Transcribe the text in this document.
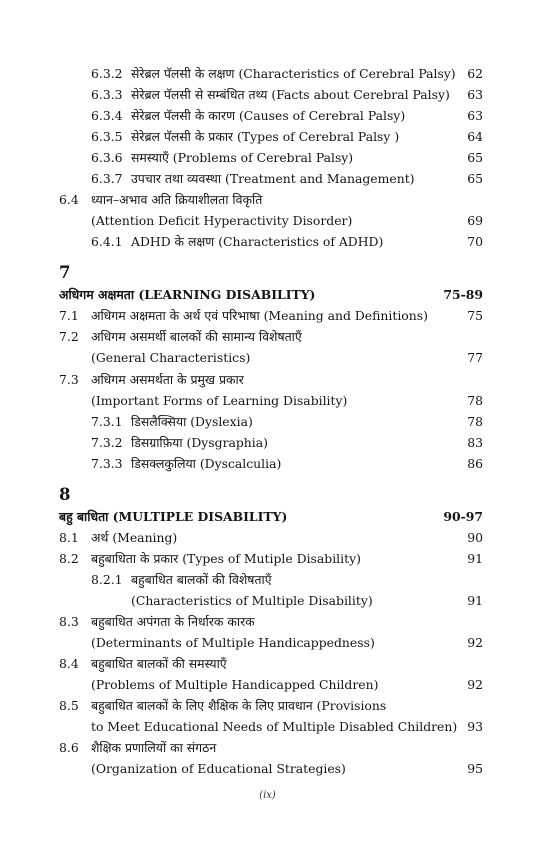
6.3.2 सेरेब्रल पॅलसी के लक्षण (Characteristics of Cerebral Palsy) 62
6.3.3 सेरेब्रल पॅलसी से सम्बंधित तथ्य (Facts about Cerebral Palsy) 63
6.3.4 सेरेब्रल पॅलसी के कारण (Causes of Cerebral Palsy)	63
6.3.5 सेरेब्रल पॅलसी के प्रकार (Types of Cerebral Palsy )	64
6.3.6 समस्याएँ (Problems of Cerebral Palsy)	65
6.3.7 उपचार तथा व्यवस्था (Treatment and Management)	65
6.4 ध्यान–अभाव अति क्रियाशीलता विकृति
(Attention Deficit Hyperactivity Disorder)	69
6.4.1 ADHD के लक्षण (Characteristics of ADHD)	70
7
अधिगम अक्षमता (LEARNING DISABILITY)	75-89
7.1 अधिगम अक्षमता के अर्थ एवं परिभाषा (Meaning and Definitions)	75
7.2 अधिगम असमर्थी बालकों की सामान्य विशेषताएँ
(General Characteristics)	77
7.3 अधिगम असमर्थता के प्रमुख प्रकार
(Important Forms of Learning Disability)	78
7.3.1 डिसलैक्सिया (Dyslexia)	78
7.3.2 डिसग्राफ़िया (Dysgraphia)	83
7.3.3 डिसक्लकुलिया (Dyscalculia)	86
8
बहु बाधिता (MULTIPLE DISABILITY)	90-97
8.1 अर्थ (Meaning)	90
8.2 बहुबाधिता के प्रकार (Types of Mutiple Disability)	91
8.2.1 बहुबाधित बालकों की विशेषताएँ
(Characteristics of Multiple Disability)	91
8.3 बहुबाधित अपंगता के निर्धारक कारक
(Determinants of Multiple Handicappedness)	92
8.4 बहुबाधित बालकों की समस्याएँ
(Problems of Multiple Handicapped Children)	92
8.5 बहुबाधित बालकों के लिए शैक्षिक के लिए प्रावधान (Provisions
to Meet Educational Needs of Multiple Disabled Children) 93
8.6 शैक्षिक प्रणालियों का संगठन
(Organization of Educational Strategies)	95
(ix)
